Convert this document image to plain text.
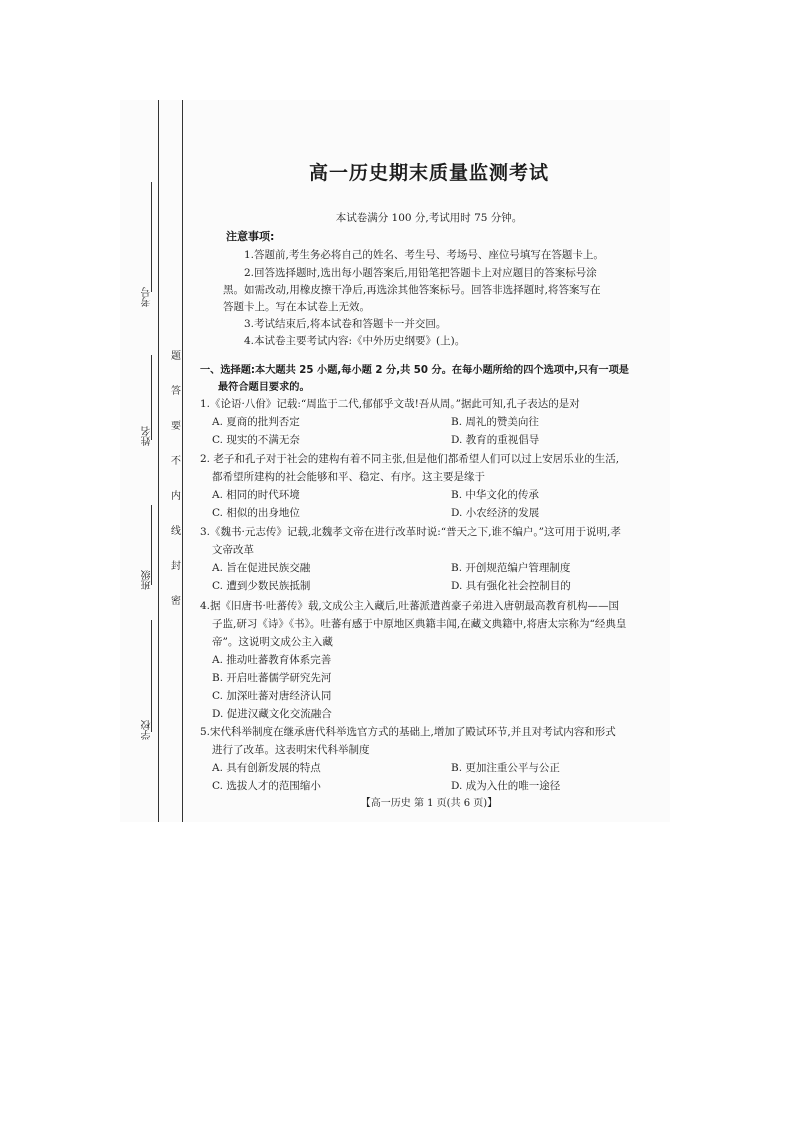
考号
姓名
班级
学校
题
答
要
不
内
线
封
密
高一历史期末质量监测考试
本试卷满分 100 分,考试用时 75 分钟。
注意事项:
1.答题前,考生务必将自己的姓名、考生号、考场号、座位号填写在答题卡上。
2.回答选择题时,选出每小题答案后,用铅笔把答题卡上对应题目的答案标号涂
黑。如需改动,用橡皮擦干净后,再选涂其他答案标号。回答非选择题时,将答案写在
答题卡上。写在本试卷上无效。
3.考试结束后,将本试卷和答题卡一并交回。
4.本试卷主要考试内容:《中外历史纲要》(上)。
一、选择题:本大题共 25 小题,每小题 2 分,共 50 分。在每小题所给的四个选项中,只有一项是
最符合题目要求的。
1.《论语·八佾》记载:“周监于二代,郁郁乎文哉!吾从周。”据此可知,孔子表达的是对
A. 夏商的批判否定	B. 周礼的赞美向往
C. 现实的不满无奈	D. 教育的重视倡导
2. 老子和孔子对于社会的建构有着不同主张,但是他们都希望人们可以过上安居乐业的生活,
都希望所建构的社会能够和平、稳定、有序。这主要是缘于
A. 相同的时代环境	B. 中华文化的传承
C. 相似的出身地位	D. 小农经济的发展
3.《魏书·元志传》记载,北魏孝文帝在进行改革时说:“普天之下,谁不编户。”这可用于说明,孝
文帝改革
A. 旨在促进民族交融	B. 开创规范编户管理制度
C. 遭到少数民族抵制	D. 具有强化社会控制目的
4.据《旧唐书·吐蕃传》载,文成公主入藏后,吐蕃派遣酋豪子弟进入唐朝最高教育机构——国
子监,研习《诗》《书》。吐蕃有感于中原地区典籍丰闻,在藏文典籍中,将唐太宗称为“经典皇
帝”。这说明文成公主入藏
A. 推动吐蕃教育体系完善
B. 开启吐蕃儒学研究先河
C. 加深吐蕃对唐经济认同
D. 促进汉藏文化交流融合
5.宋代科举制度在继承唐代科举选官方式的基础上,增加了殿试环节,并且对考试内容和形式
进行了改革。这表明宋代科举制度
A. 具有创新发展的特点	B. 更加注重公平与公正
C. 选拔人才的范围缩小	D. 成为入仕的唯一途径
【高一历史 第 1 页(共 6 页)】
